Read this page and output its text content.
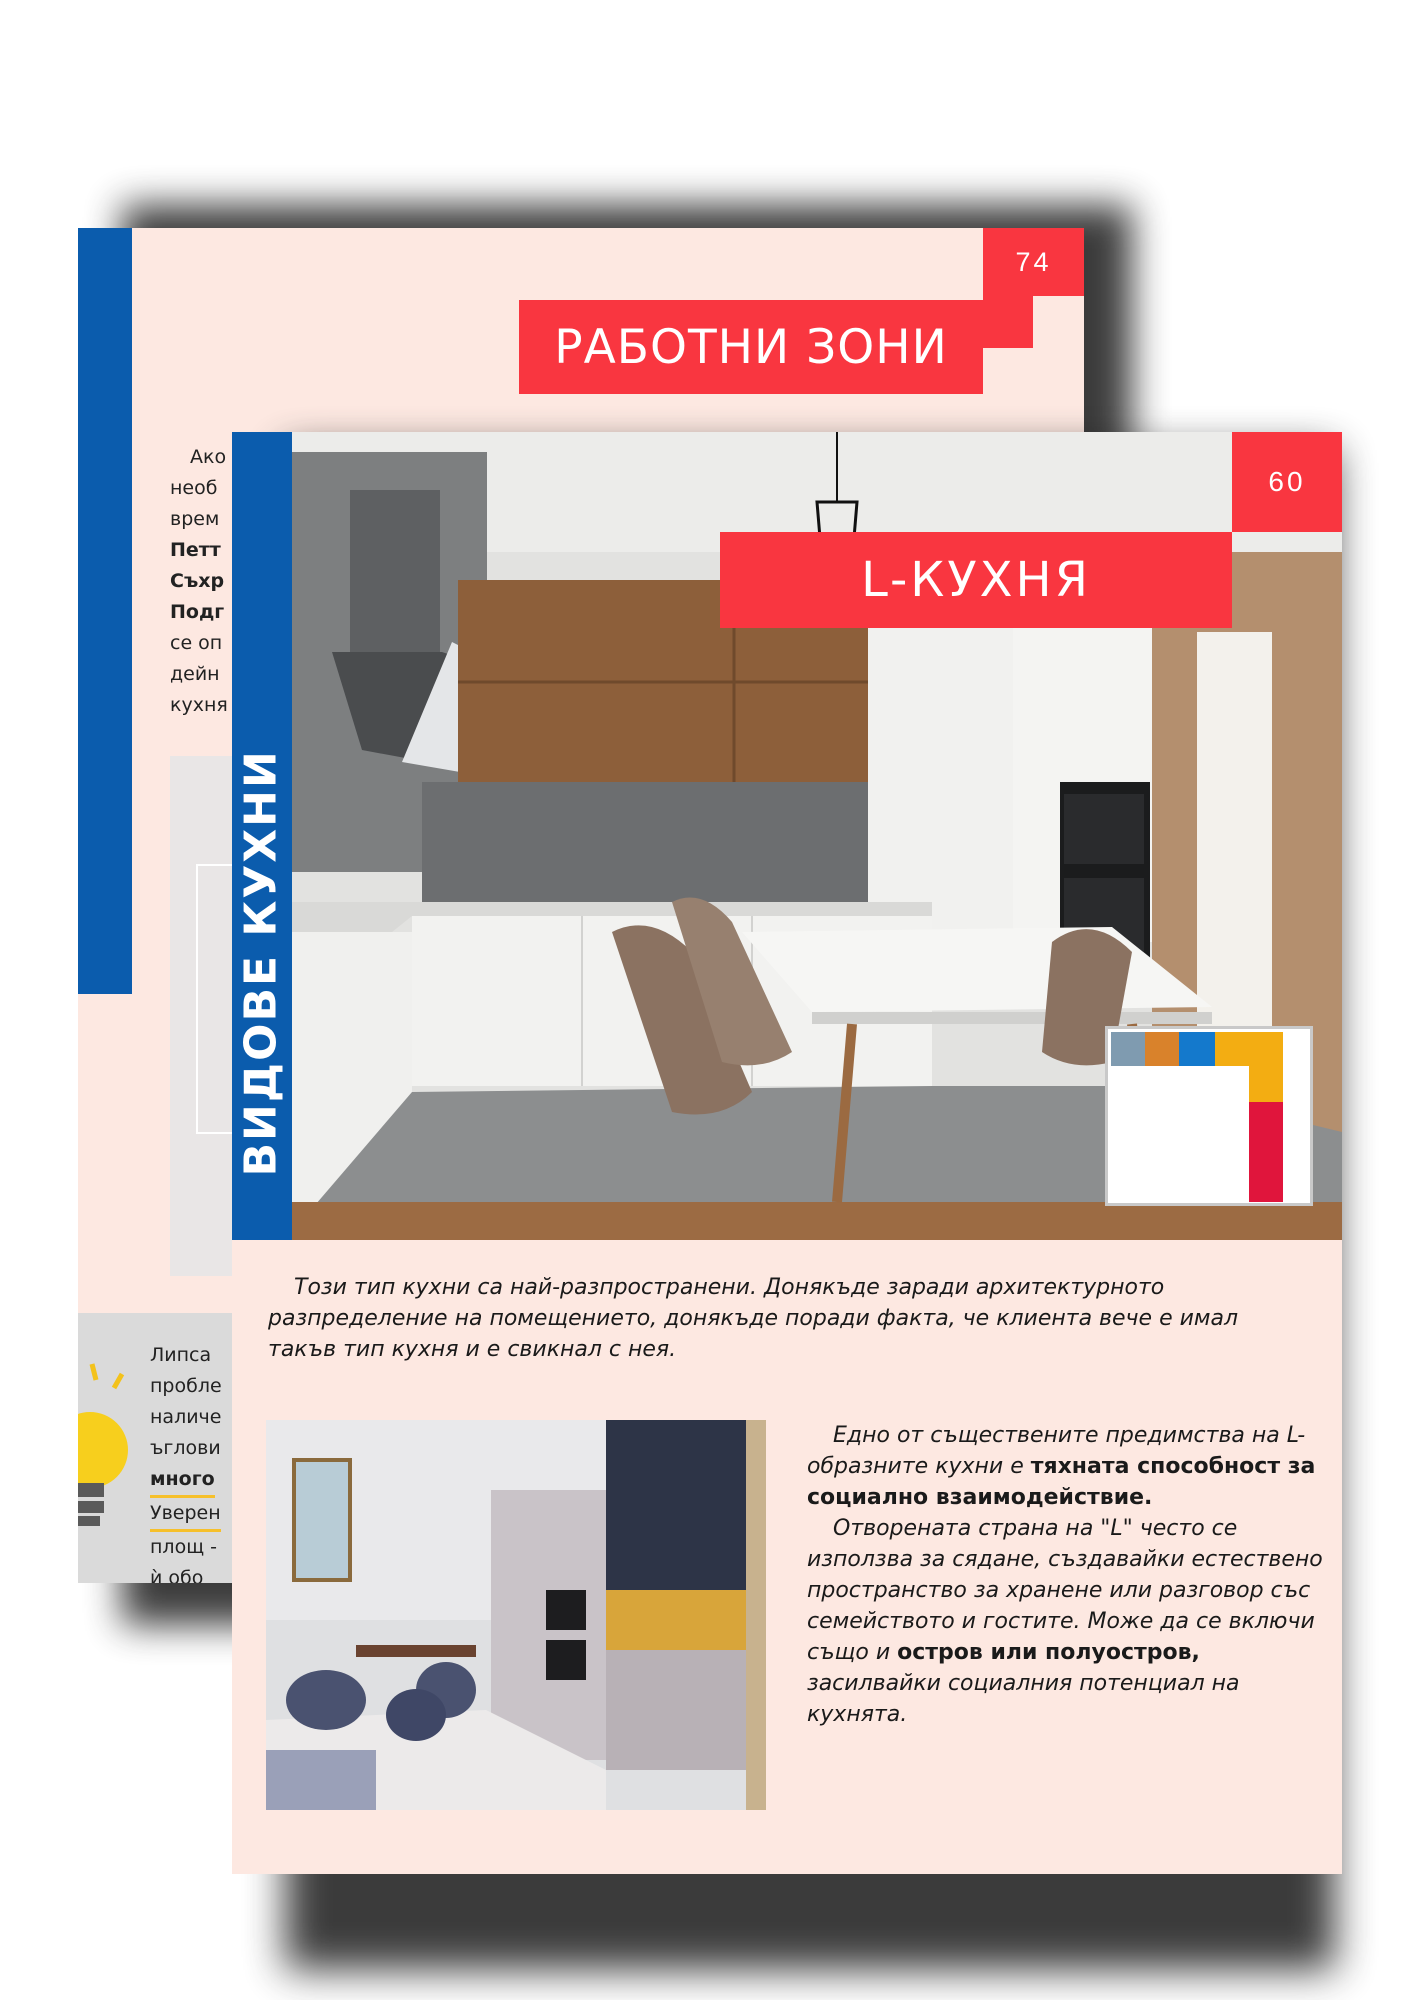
74
РАБОТНИ ЗОНИ
Ако
необ
врем
Петт
Съхр
Подг
се оп
дейн
кухня
Липса
пробле
наличе
ъглови
много
Уверен
площ -
ѝ обо
ВИДОВЕ КУХНИ
60
L-КУХНЯ

Този тип кухни са най-разпространени. Донякъде заради архитектурното разпределение на помещението, донякъде поради факта, че клиента вече е имал такъв тип кухня и е свикнал с нея.

Едно от съществените предимства на L-образните кухни е тяхната способност за социално взаимодействие.

Отворената страна на "L" често се използва за сядане, създавайки естествено пространство за хранене или разговор със семейството и гостите. Може да се включи също и остров или полуостров, засилвайки социалния потенциал на кухнята.
